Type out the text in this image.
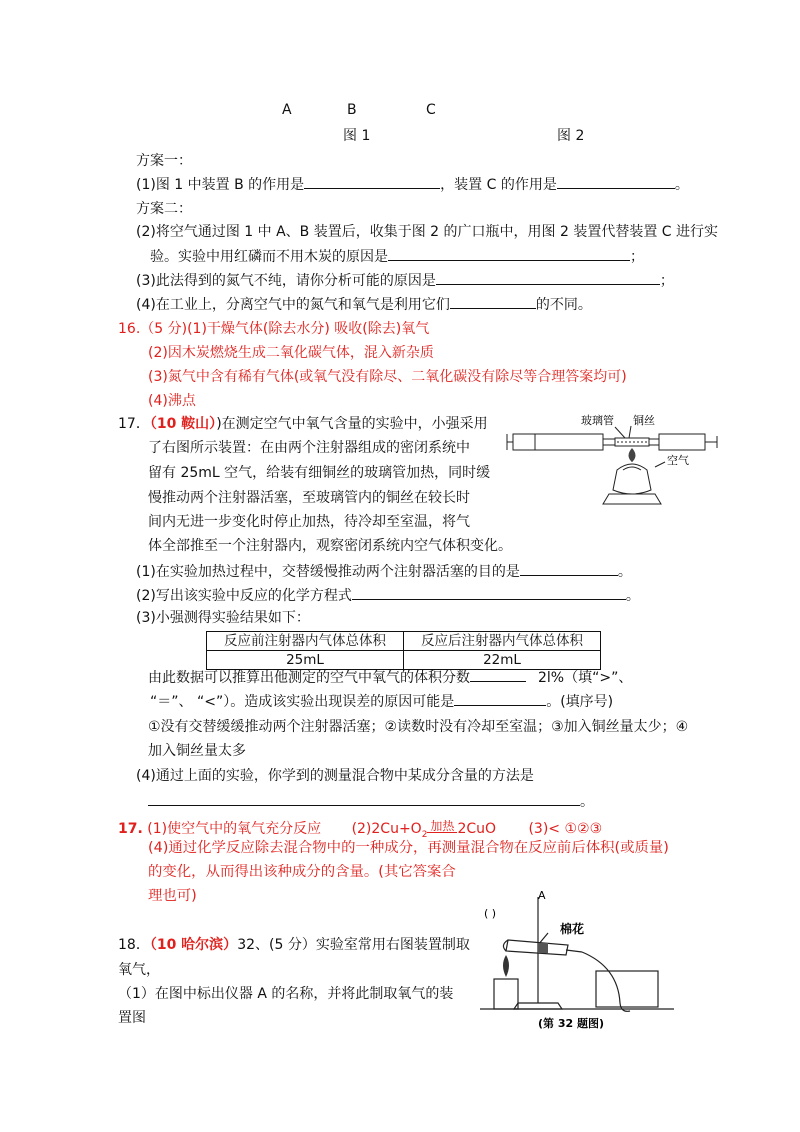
A	B	C
图 1	图 2
方案一：
(1)图 1 中装置 B 的作用是	，装置 C 的作用是	。
方案二：
(2)将空气通过图 1 中 A、B 装置后，收集于图 2 的广口瓶中，用图 2 装置代替装置 C 进行实
验。实验中用红磷而不用木炭的原因是	；
(3)此法得到的氮气不纯，请你分析可能的原因是	；
(4)在工业上，分离空气中的氮气和氧气是利用它们	的不同。
16.（5 分)(1)干燥气体(除去水分) 吸收(除去)氧气
(2)因木炭燃烧生成二氧化碳气体，混入新杂质
(3)氮气中含有稀有气体(或氧气没有除尽、二氧化碳没有除尽等合理答案均可)
(4)沸点
17．（10 鞍山）)在测定空气中氧气含量的实验中，小强采用
了右图所示装置：在由两个注射器组成的密闭系统中
留有 25mL 空气，给装有细铜丝的玻璃管加热，同时缓
慢推动两个注射器活塞，至玻璃管内的铜丝在较长时
间内无进一步变化时停止加热，待冷却至室温，将气
体全部推至一个注射器内，观察密闭系统内空气体积变化。
玻璃管 铜丝
空气
(1)在实验加热过程中，交替缓慢推动两个注射器活塞的目的是	。
(2)写出该实验中反应的化学方程式	。
(3)小强测得实验结果如下：
反应前注射器内气体总体积	反应后注射器内气体总体积
25mL	22mL
由此数据可以推算出他测定的空气中氧气的体积分数	2l%（填“>”、
“＝”、 “<”）。造成该实验出现误差的原因可能是	。(填序号)
①没有交替缓缓推动两个注射器活塞；②读数时没有冷却至室温；③加入铜丝量太少；④
加入铜丝量太多
(4)通过上面的实验，你学到的测量混合物中某成分含量的方法是
。
17. (1)使空气中的氧气充分反应 $(2)2Cu+O_2$
加热 2CuO (3)< ①②③
(4)通过化学反应除去混合物中的一种成分，再测量混合物在反应前后体积(或质量)
的变化，从而得出该种成分的含量。(其它答案合
理也可)
18．（10 哈尔滨）32、(5 分）实验室常用右图装置制取
氧气，
（1）在图中标出仪器 A 的名称，并将此制取氧气的装
置图
A
( )
棉花
(第 32 题图)
